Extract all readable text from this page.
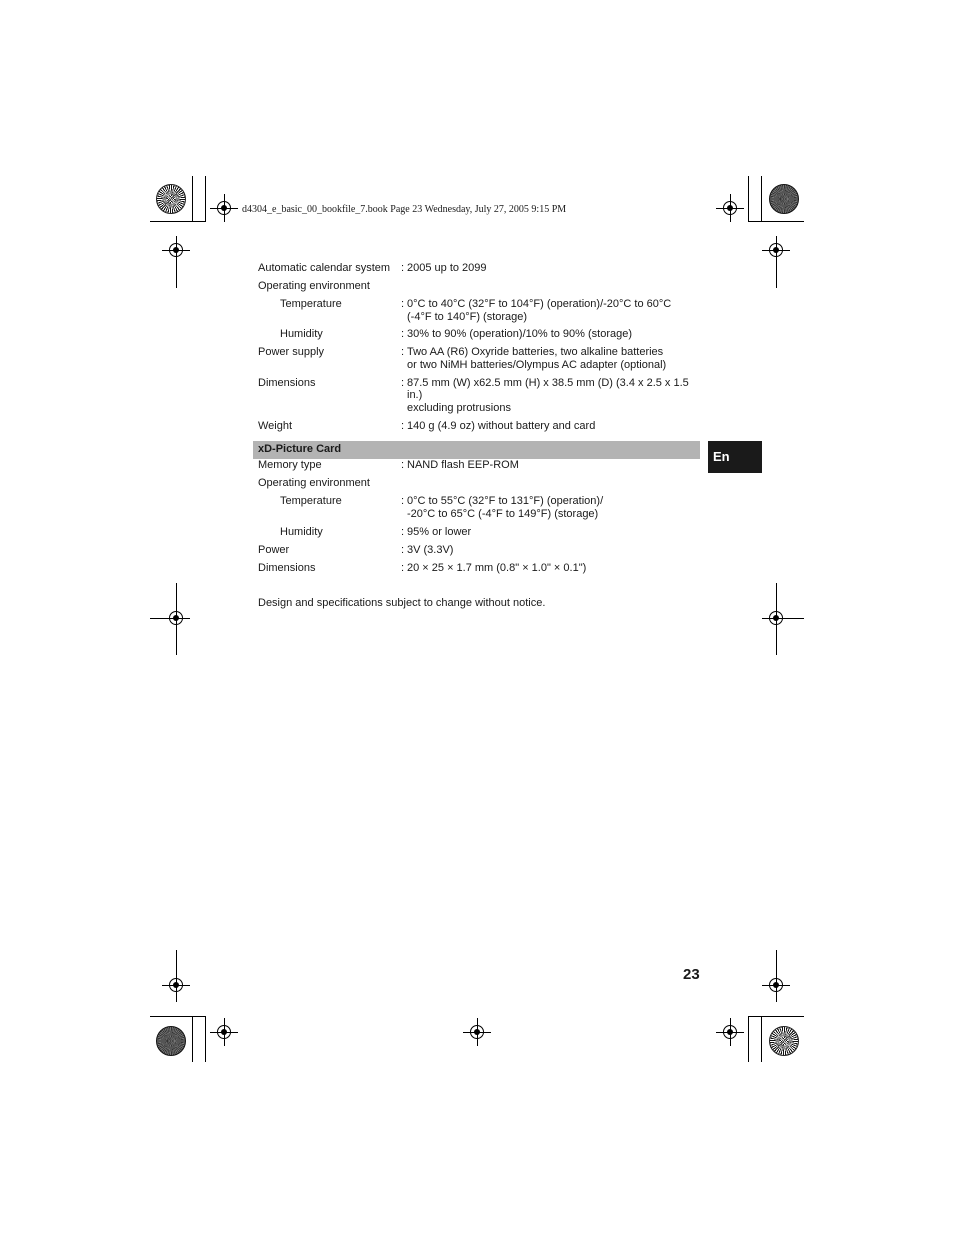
d4304_e_basic_00_bookfile_7.book Page 23 Wednesday, July 27, 2005 9:15 PM
Automatic calendar system : 2005 up to 2099
Operating environment
Temperature	: 0°C to 40°C (32°F to 104°F) (operation)/-20°C to 60°C
(-4°F to 140°F) (storage)
Humidity	: 30% to 90% (operation)/10% to 90% (storage)
Power supply	: Two AA (R6) Oxyride batteries, two alkaline batteries
or two NiMH batteries/Olympus AC adapter (optional)
Dimensions	: 87.5 mm (W) x62.5 mm (H) x 38.5 mm (D) (3.4 x 2.5 x 1.5
in.)
excluding protrusions
Weight	: 140 g (4.9 oz) without battery and card
xD-Picture Card	En
Memory type	: NAND flash EEP-ROM
Operating environment
Temperature	: 0°C to 55°C (32°F to 131°F) (operation)/
-20°C to 65°C (-4°F to 149°F) (storage)
Humidity	: 95% or lower
Power	: 3V (3.3V)
Dimensions	: 20 × 25 × 1.7 mm (0.8" × 1.0" × 0.1")
Design and specifications subject to change without notice.
23
